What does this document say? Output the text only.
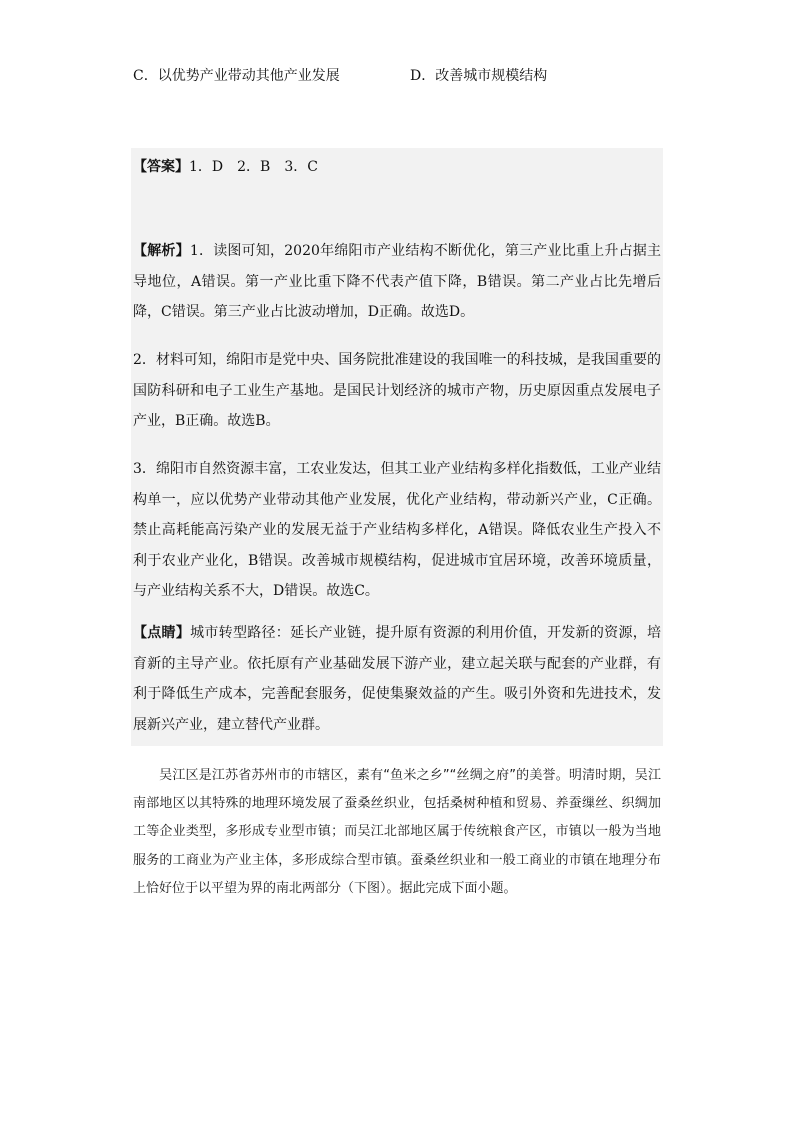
C．以优势产业带动其他产业发展	D．改善城市规模结构
【答案】1．D　2．B　3．C
【解析】1．读图可知，2020年绵阳市产业结构不断优化，第三产业比重上升占据主导地位，A错误。第一产业比重下降不代表产值下降，B错误。第二产业占比先增后降，C错误。第三产业占比波动增加，D正确。故选D。
2．材料可知，绵阳市是党中央、国务院批准建设的我国唯一的科技城，是我国重要的国防科研和电子工业生产基地。是国民计划经济的城市产物，历史原因重点发展电子产业，B正确。故选B。
3．绵阳市自然资源丰富，工农业发达，但其工业产业结构多样化指数低，工业产业结构单一，应以优势产业带动其他产业发展，优化产业结构，带动新兴产业，C正确。禁止高耗能高污染产业的发展无益于产业结构多样化，A错误。降低农业生产投入不利于农业产业化，B错误。改善城市规模结构，促进城市宜居环境，改善环境质量，与产业结构关系不大，D错误。故选C。
【点睛】城市转型路径：延长产业链，提升原有资源的利用价值，开发新的资源，培育新的主导产业。依托原有产业基础发展下游产业，建立起关联与配套的产业群，有利于降低生产成本，完善配套服务，促使集聚效益的产生。吸引外资和先进技术，发展新兴产业，建立替代产业群。
吴江区是江苏省苏州市的市辖区，素有“鱼米之乡”“丝绸之府”的美誉。明清时期，吴江南部地区以其特殊的地理环境发展了蚕桑丝织业，包括桑树种植和贸易、养蚕缫丝、织绸加工等企业类型，多形成专业型市镇；而吴江北部地区属于传统粮食产区，市镇以一般为当地服务的工商业为产业主体，多形成综合型市镇。蚕桑丝织业和一般工商业的市镇在地理分布上恰好位于以平望为界的南北两部分（下图）。据此完成下面小题。
